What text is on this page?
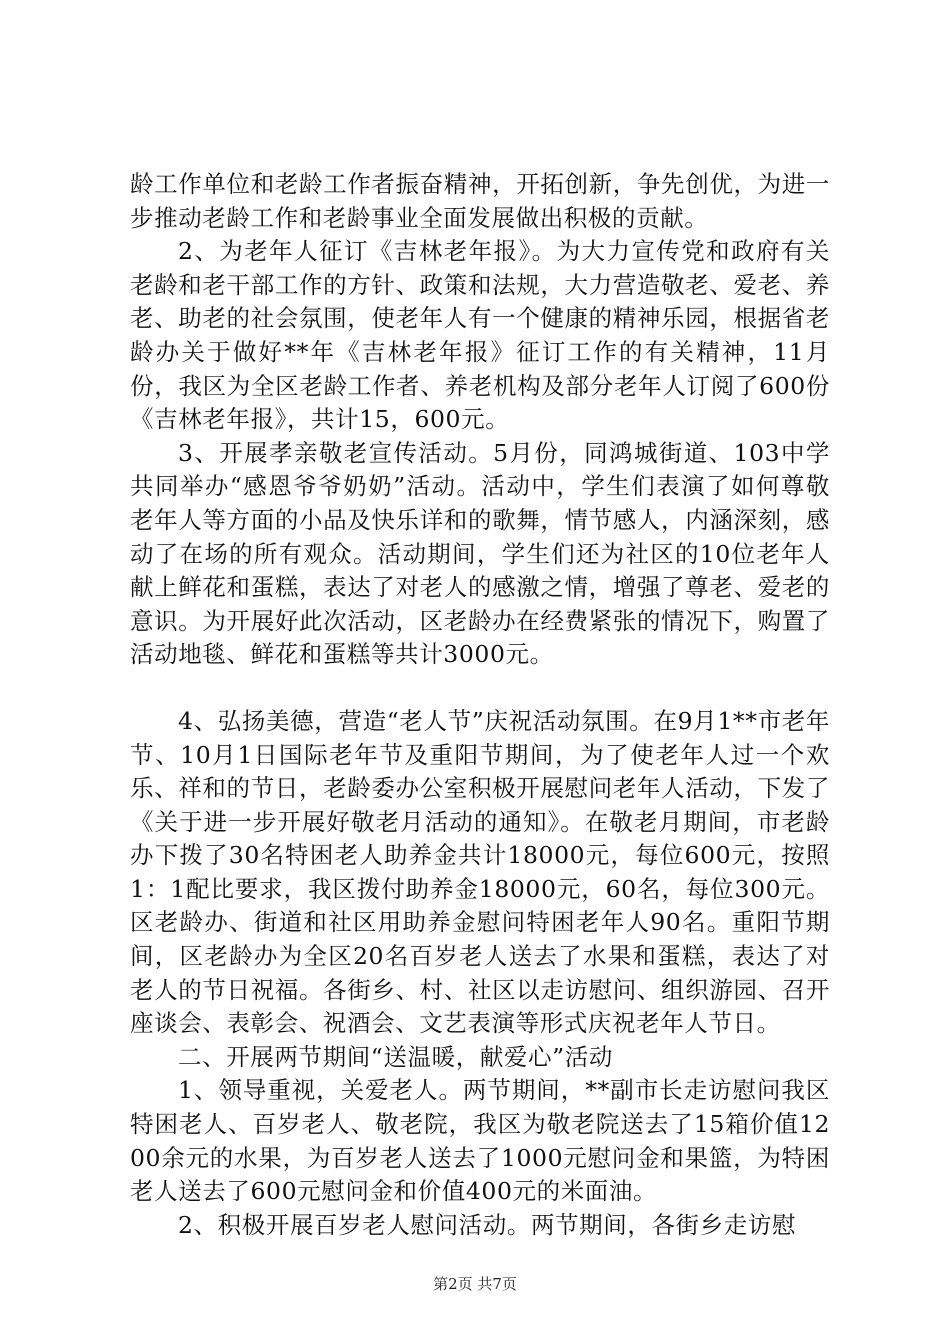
龄工作单位和老龄工作者振奋精神，开拓创新，争先创优，为进一步推动老龄工作和老龄事业全面发展做出积极的贡献。

2、为老年人征订《吉林老年报》。为大力宣传党和政府有关老龄和老干部工作的方针、政策和法规，大力营造敬老、爱老、养老、助老的社会氛围，使老年人有一个健康的精神乐园，根据省老龄办关于做好**年《吉林老年报》征订工作的有关精神，11月份，我区为全区老龄工作者、养老机构及部分老年人订阅了600份《吉林老年报》，共计15，600元。

3、开展孝亲敬老宣传活动。5月份，同鸿城街道、103中学共同举办“感恩爷爷奶奶”活动。活动中，学生们表演了如何尊敬老年人等方面的小品及快乐详和的歌舞，情节感人，内涵深刻，感动了在场的所有观众。活动期间，学生们还为社区的10位老年人献上鲜花和蛋糕，表达了对老人的感激之情，增强了尊老、爱老的意识。为开展好此次活动，区老龄办在经费紧张的情况下，购置了活动地毯、鲜花和蛋糕等共计3000元。

4、弘扬美德，营造“老人节”庆祝活动氛围。在9月1**市老年节、10月1日国际老年节及重阳节期间，为了使老年人过一个欢乐、祥和的节日，老龄委办公室积极开展慰问老年人活动，下发了《关于进一步开展好敬老月活动的通知》。在敬老月期间，市老龄办下拨了30名特困老人助养金共计18000元，每位600元，按照1：1配比要求，我区拨付助养金18000元，60名，每位300元。区老龄办、街道和社区用助养金慰问特困老年人90名。重阳节期间，区老龄办为全区20名百岁老人送去了水果和蛋糕，表达了对老人的节日祝福。各街乡、村、社区以走访慰问、组织游园、召开座谈会、表彰会、祝酒会、文艺表演等形式庆祝老年人节日。

二、开展两节期间“送温暖，献爱心”活动

1、领导重视，关爱老人。两节期间，**副市长走访慰问我区特困老人、百岁老人、敬老院，我区为敬老院送去了15箱价值1200余元的水果，为百岁老人送去了1000元慰问金和果篮，为特困老人送去了600元慰问金和价值400元的米面油。

2、积极开展百岁老人慰问活动。两节期间，各街乡走访慰

第2页 共7页
